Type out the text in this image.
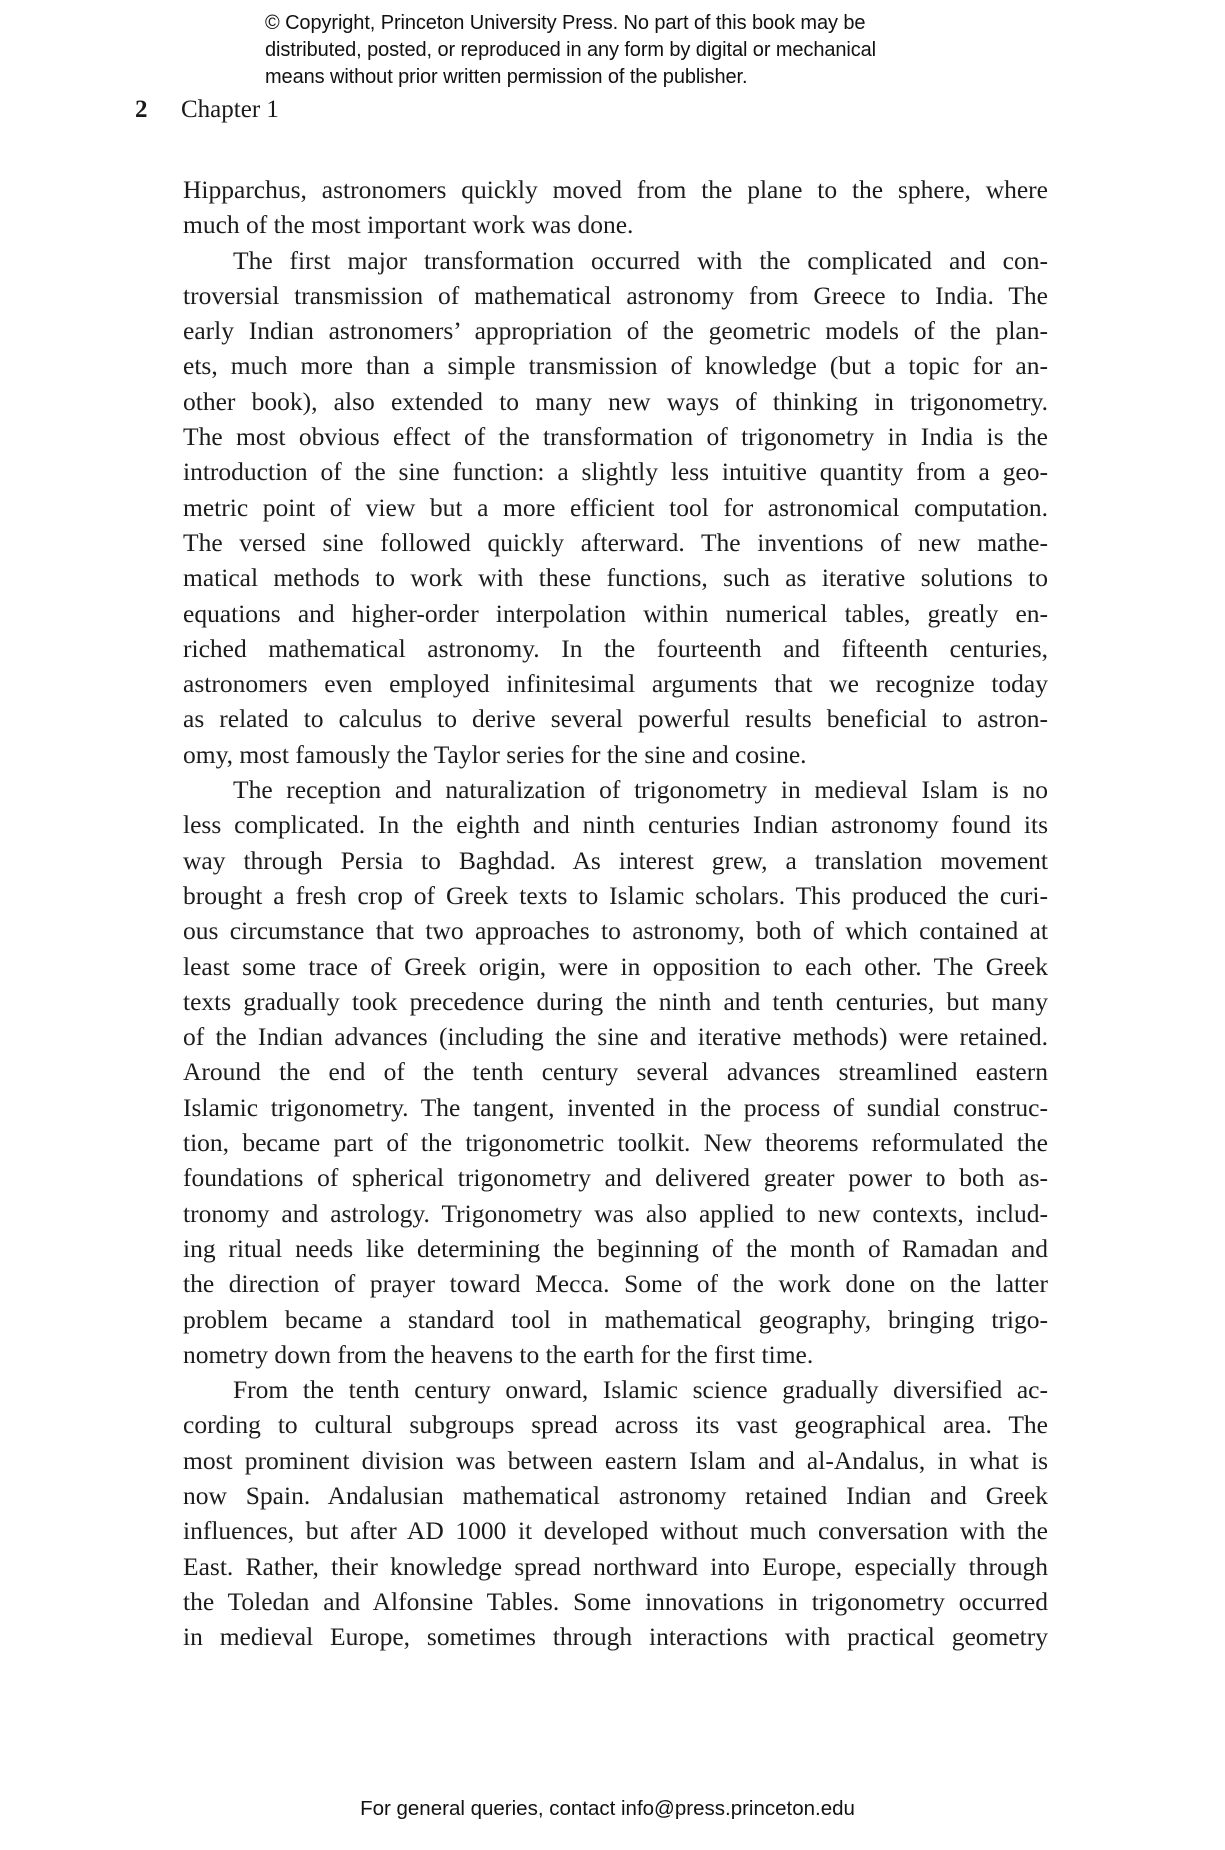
© Copyright, Princeton University Press. No part of this book may be
distributed, posted, or reproduced in any form by digital or mechanical
means without prior written permission of the publisher.
2 Chapter 1
Hipparchus, astronomers quickly moved from the plane to the sphere, where
much of the most important work was done.
The first major transformation occurred with the complicated and con-
troversial transmission of mathematical astronomy from Greece to India. The
early Indian astronomers’ appropriation of the geometric models of the plan-
ets, much more than a simple transmission of knowledge (but a topic for an-
other book), also extended to many new ways of thinking in trigonometry.
The most obvious effect of the transformation of trigonometry in India is the
introduction of the sine function: a slightly less intuitive quantity from a geo-
metric point of view but a more efficient tool for astronomical computation.
The versed sine followed quickly afterward. The inventions of new mathe-
matical methods to work with these functions, such as iterative solutions to
equations and higher-order interpolation within numerical tables, greatly en-
riched mathematical astronomy. In the fourteenth and fifteenth centuries,
astronomers even employed infinitesimal arguments that we recognize today
as related to calculus to derive several powerful results beneficial to astron-
omy, most famously the Taylor series for the sine and cosine.
The reception and naturalization of trigonometry in medieval Islam is no
less complicated. In the eighth and ninth centuries Indian astronomy found its
way through Persia to Baghdad. As interest grew, a translation movement
brought a fresh crop of Greek texts to Islamic scholars. This produced the curi-
ous circumstance that two approaches to astronomy, both of which contained at
least some trace of Greek origin, were in opposition to each other. The Greek
texts gradually took precedence during the ninth and tenth centuries, but many
of the Indian advances (including the sine and iterative methods) were retained.
Around the end of the tenth century several advances streamlined eastern
Islamic trigonometry. The tangent, invented in the process of sundial construc-
tion, became part of the trigonometric toolkit. New theorems reformulated the
foundations of spherical trigonometry and delivered greater power to both as-
tronomy and astrology. Trigonometry was also applied to new contexts, includ-
ing ritual needs like determining the beginning of the month of Ramadan and
the direction of prayer toward Mecca. Some of the work done on the latter
problem became a standard tool in mathematical geography, bringing trigo-
nometry down from the heavens to the earth for the first time.
From the tenth century onward, Islamic science gradually diversified ac-
cording to cultural subgroups spread across its vast geographical area. The
most prominent division was between eastern Islam and al-Andalus, in what is
now Spain. Andalusian mathematical astronomy retained Indian and Greek
influences, but after AD 1000 it developed without much conversation with the
East. Rather, their knowledge spread northward into Europe, especially through
the Toledan and Alfonsine Tables. Some innovations in trigonometry occurred
in medieval Europe, sometimes through interactions with practical geometry
For general queries, contact info@press.princeton.edu
